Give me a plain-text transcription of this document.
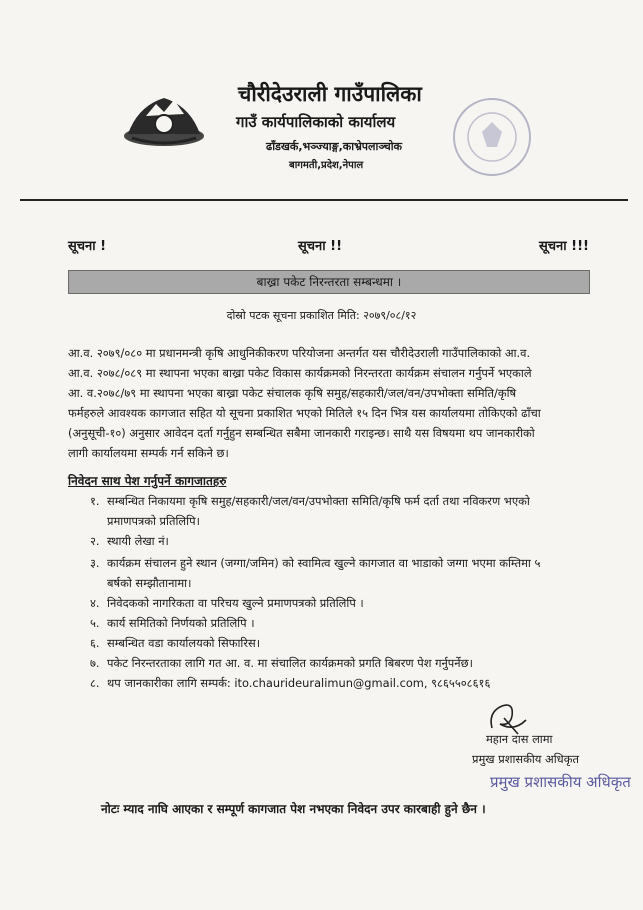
चौरीदेउराली गाउँपालिका
गाउँ कार्यपालिकाको कार्यालय
ढाँडखर्क,भञ्ज्याङ्ग,काभ्रेपलाञ्चोक
बागमती,प्रदेश,नेपाल
सूचना !	सूचना !!	सूचना !!!
बाख्रा पकेट निरन्तरता सम्बन्धमा ।
दोस्रो पटक सूचना प्रकाशित मिति: २०७९/०८/१२
आ.व. २०७९/०८० मा प्रधानमन्त्री कृषि आधुनिकीकरण परियोजना अन्तर्गत यस चौरीदेउराली गाउँपालिकाको आ.व.
आ.व. २०७८/०८९ मा स्थापना भएका बाख्रा पकेट विकास कार्यक्रमको निरन्तरता कार्यक्रम संचालन गर्नुपर्ने भएकाले
आ. व.२०७८/७९ मा स्थापना भएका बाख्रा पकेट संचालक कृषि समुह/सहकारी/जल/वन/उपभोक्ता समिति/कृषि
फर्महरुले आवश्यक कागजात सहित यो सूचना प्रकाशित भएको मितिले १५ दिन भित्र यस कार्यालयमा तोकिएको ढाँचा
(अनुसूची-१०) अनुसार आवेदन दर्ता गर्नुहुन सम्बन्धित सबैमा जानकारी गराइन्छ। साथै यस विषयमा थप जानकारीको
लागी कार्यालयमा सम्पर्क गर्न सकिने छ।
निवेदन साथ पेश गर्नुपर्ने कागजातहरु
१. सम्बन्धित निकायमा कृषि समुह/सहकारी/जल/वन/उपभोक्ता समिति/कृषि फर्म दर्ता तथा नविकरण भएको
प्रमाणपत्रको प्रतिलिपि।
२. स्थायी लेखा नं।
३. कार्यक्रम संचालन हुने स्थान (जग्गा/जमिन) को स्वामित्व खुल्ने कागजात वा भाडाको जग्गा भएमा कम्तिमा ५
बर्षको सम्झौतानामा।
४. निवेदकको नागरिकता वा परिचय खुल्ने प्रमाणपत्रको प्रतिलिपि ।
५. कार्य समितिको निर्णयको प्रतिलिपि ।
६. सम्बन्धित वडा कार्यालयको सिफारिस।
७. पकेट निरन्तरताका लागि गत आ. व. मा संचालित कार्यक्रमको प्रगति बिबरण पेश गर्नुपर्नेछ।
८. थप जानकारीका लागि सम्पर्क: ito.chaurideuralimun@gmail.com, ९८६५५०८६१६
महान दास लामा
प्रमुख प्रशासकीय अधिकृत
प्रमुख प्रशासकीय अधिकृत
नोटः म्याद नाघि आएका र सम्पूर्ण कागजात पेश नभएका निवेदन उपर कारबाही हुने छैन ।
